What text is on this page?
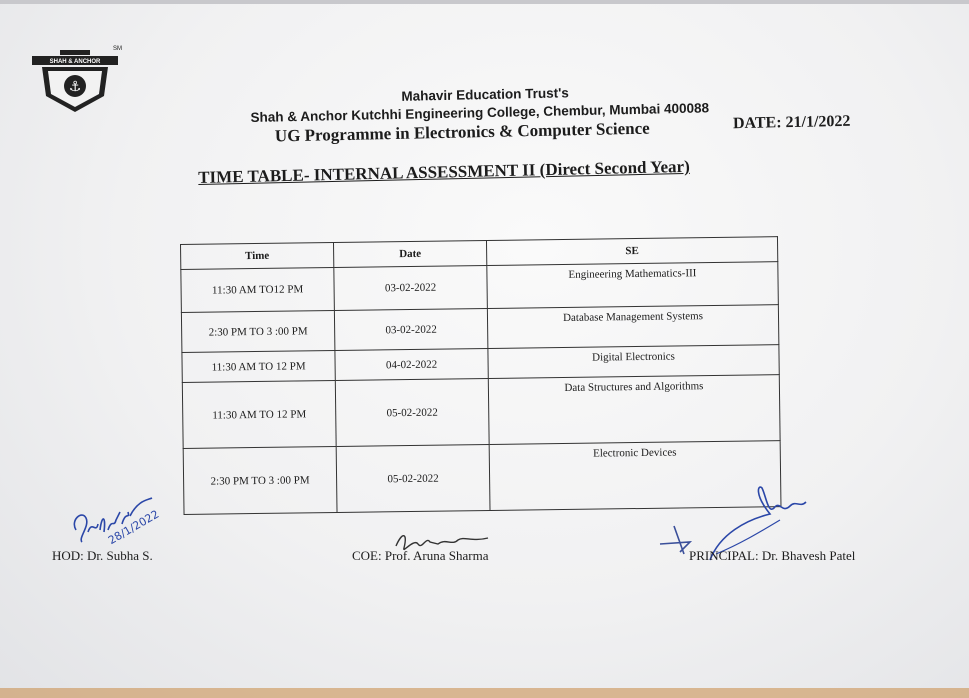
SHAH & ANCHOR
⚓
SM
Mahavir Education Trust's
Shah & Anchor Kutchhi Engineering College, Chembur, Mumbai 400088
UG Programme in Electronics & Computer Science	DATE: 21/1/2022
TIME TABLE- INTERNAL ASSESSMENT II (Direct Second Year)
Time	Date	SE
11:30 AM TO12 PM	03-02-2022	Engineering Mathematics-III
2:30 PM TO 3 :00 PM	03-02-2022	Database Management Systems
11:30 AM TO 12 PM	04-02-2022	Digital Electronics
11:30 AM TO 12 PM	05-02-2022	Data Structures and Algorithms
2:30 PM TO 3 :00 PM	05-02-2022	Electronic Devices
28/1/2022
HOD: Dr. Subha S.	COE: Prof. Aruna Sharma	PRINCIPAL: Dr. Bhavesh Patel
